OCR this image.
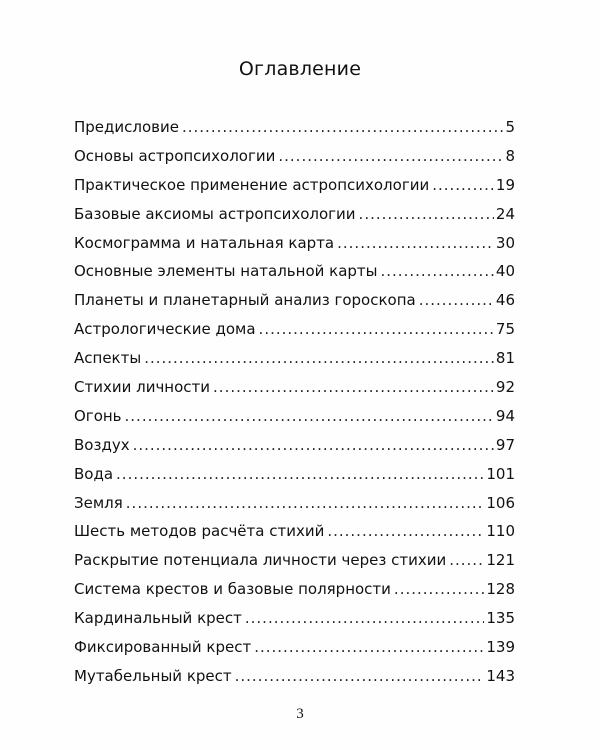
Оглавление
Предисловие .....	5
Основы астропсихологии .....	8
Практическое применение астропсихологии .....	19
Базовые аксиомы астропсихологии .....	24
Космограмма и натальная карта .....	30
Основные элементы натальной карты .....	40
Планеты и планетарный анализ гороскопа .....	46
Астрологические дома .....	75
Аспекты .....	81
Стихии личности .....	92
Огонь .....	94
Воздух .....	97
Вода .....	101
Земля .....	106
Шесть методов расчёта стихий .....	110
Раскрытие потенциала личности через стихии .....	121
Система крестов и базовые полярности .....	128
Кардинальный крест .....	135
Фиксированный крест .....	139
Мутабельный крест .....	143
3
